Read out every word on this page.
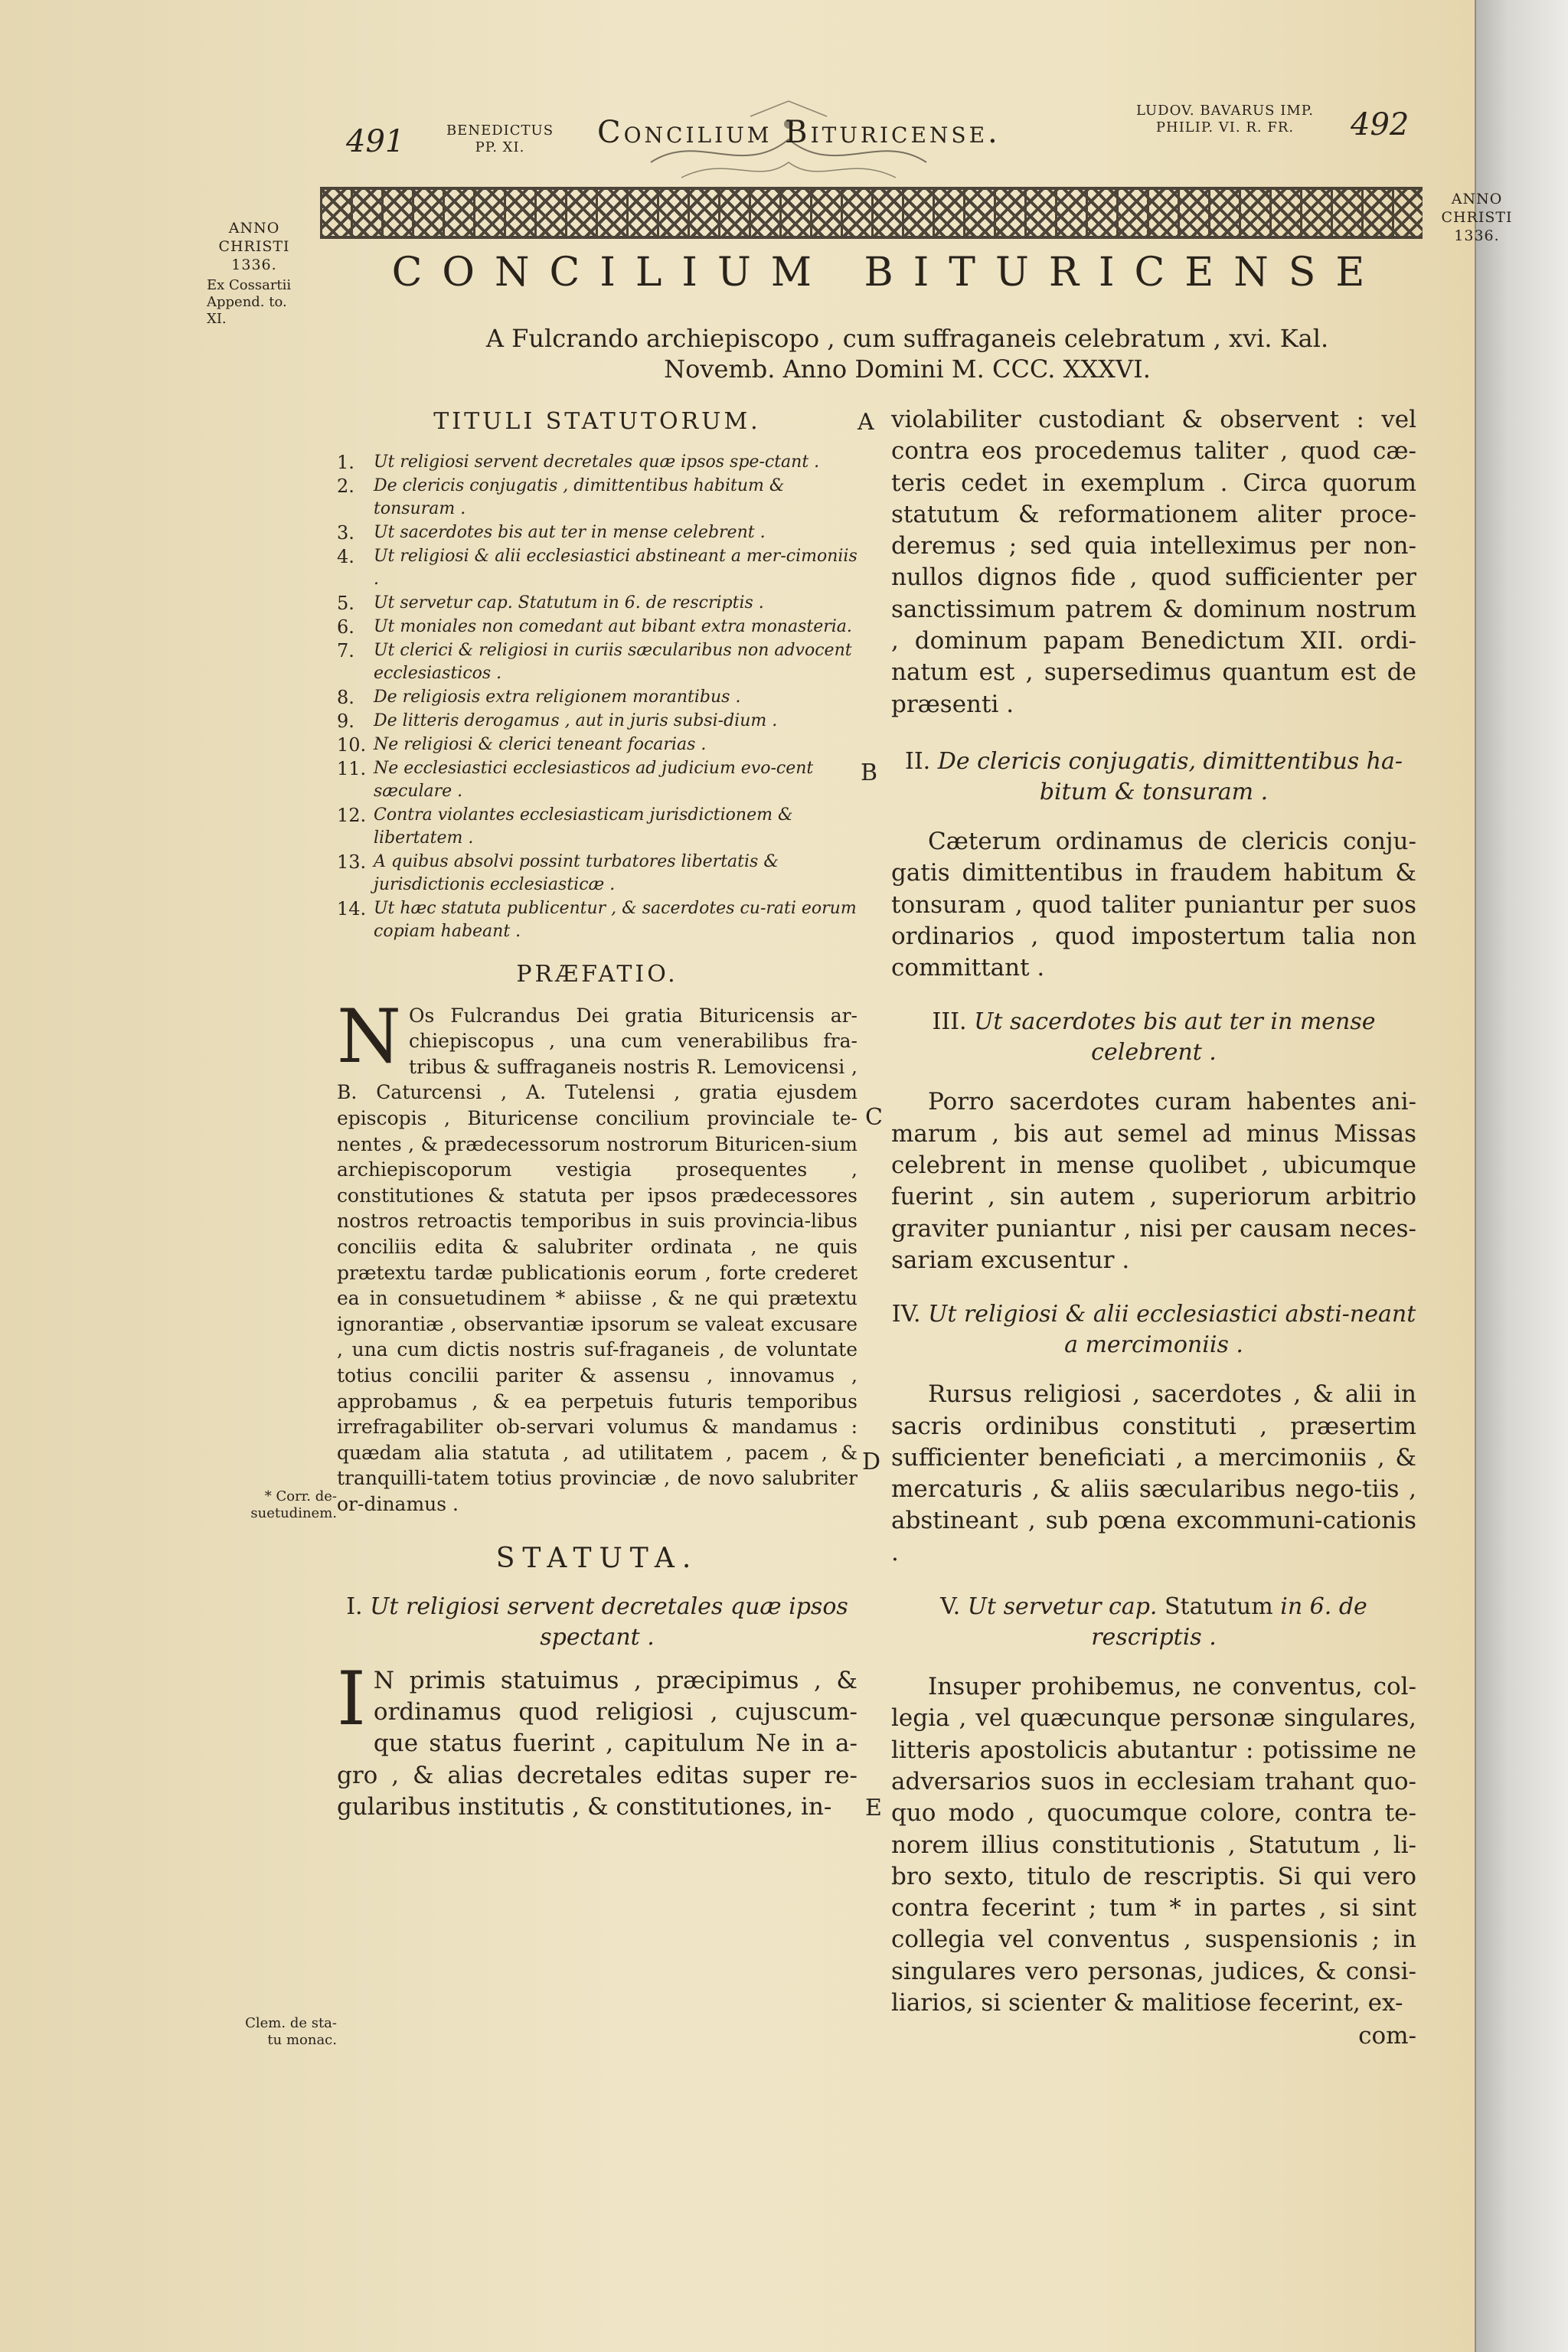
491	BENEDICTUS
PP. XI.	Concilium Bituricense.
LUDOV. BAVARUS IMP.
PHILIP. VI. R. FR.	492
ANNO
CHRISTI
1336.
Ex Cossartii
Append. to.
XI.
ANNO
CHRISTI
1336.
* Corr. de-
suetudinem.
Clem. de sta-
tu monac.
CONCILIUM BITURICENSE
A Fulcrando archiepiscopo , cum suffraganeis celebratum , xvi. Kal.
Novemb. Anno Domini M. CCC. XXXVI.
TITULI STATUTORUM.
1.	Ut religiosi servent decretales quæ ipsos spe-ctant .
2.	De clericis conjugatis , dimittentibus habitum & tonsuram .
3.	Ut sacerdotes bis aut ter in mense celebrent .
4.	Ut religiosi & alii ecclesiastici abstineant a mer-cimoniis .
5.	Ut servetur cap. Statutum in 6. de rescriptis .
6.	Ut moniales non comedant aut bibant extra monasteria.
7.	Ut clerici & religiosi in curiis sæcularibus non advocent ecclesiasticos .
8.	De religiosis extra religionem morantibus .
9.	De litteris derogamus , aut in juris subsi-dium .
10. Ne religiosi & clerici teneant focarias .
11. Ne ecclesiastici ecclesiasticos ad judicium evo-cent sæculare .
12. Contra violantes ecclesiasticam jurisdictionem & libertatem .
13. A quibus absolvi possint turbatores libertatis & jurisdictionis ecclesiasticæ .
14. Ut hæc statuta publicentur , & sacerdotes cu-rati eorum copiam habeant .
PRÆFATIO.

N Os Fulcrandus Dei gratia Bituricensis ar-chiepiscopus , una cum venerabilibus fra-tribus & suffraganeis nostris R. Lemovicensi , B. Caturcensi , A. Tutelensi , gratia ejusdem episcopis , Bituricense concilium provinciale te-nentes , & prædecessorum nostrorum Bituricen-sium archiepiscoporum vestigia prosequentes , constitutiones & statuta per ipsos prædecessores nostros retroactis temporibus in suis provincia-libus conciliis edita & salubriter ordinata , ne quis prætextu tardæ publicationis eorum , forte crederet ea in consuetudinem * abiisse , & ne qui prætextu ignorantiæ , observantiæ ipsorum se valeat excusare , una cum dictis nostris suf-fraganeis , de voluntate totius concilii pariter & assensu , innovamus , approbamus , & ea perpetuis futuris temporibus irrefragabiliter ob-servari volumus & mandamus : quædam alia statuta , ad utilitatem , pacem , & tranquilli-tatem totius provinciæ , de novo salubriter or-dinamus .

STATUTA.
I. Ut religiosi servent decretales quæ ipsos spectant .

I N primis statuimus , præcipimus , & ordinamus quod religiosi , cujuscum-que status fuerint , capitulum Ne in a-gro , & alias decretales editas super re-gularibus institutis , & constitutiones, in-

A
B
C
D
E

violabiliter custodiant & observent : vel contra eos procedemus taliter , quod cæ-teris cedet in exemplum . Circa quorum statutum & reformationem aliter proce-deremus ; sed quia intelleximus per non-nullos dignos fide , quod sufficienter per sanctissimum patrem & dominum nostrum , dominum papam Benedictum XII. ordi-natum est , supersedimus quantum est de præsenti .

II. De clericis conjugatis, dimittentibus ha-bitum & tonsuram .

Cæterum ordinamus de clericis conju-gatis dimittentibus in fraudem habitum & tonsuram , quod taliter puniantur per suos ordinarios , quod impostertum talia non committant .

III. Ut sacerdotes bis aut ter in mense celebrent .

Porro sacerdotes curam habentes ani-marum , bis aut semel ad minus Missas celebrent in mense quolibet , ubicumque fuerint , sin autem , superiorum arbitrio graviter puniantur , nisi per causam neces-sariam excusentur .

IV. Ut religiosi & alii ecclesiastici absti-neant a mercimoniis .

Rursus religiosi , sacerdotes , & alii in sacris ordinibus constituti , præsertim sufficienter beneficiati , a mercimoniis , & mercaturis , & aliis sæcularibus nego-tiis , abstineant , sub pœna excommuni-cationis .

V. Ut servetur cap. Statutum in 6. de rescriptis .

Insuper prohibemus, ne conventus, col-legia , vel quæcunque personæ singulares, litteris apostolicis abutantur : potissime ne adversarios suos in ecclesiam trahant quo-quo modo , quocumque colore, contra te-norem illius constitutionis , Statutum , li-bro sexto, titulo de rescriptis. Si qui vero contra fecerint ; tum * in partes , si sint collegia vel conventus , suspensionis ; in singulares vero personas, judices, & consi-liarios, si scienter & malitiose fecerint, ex-

com-
